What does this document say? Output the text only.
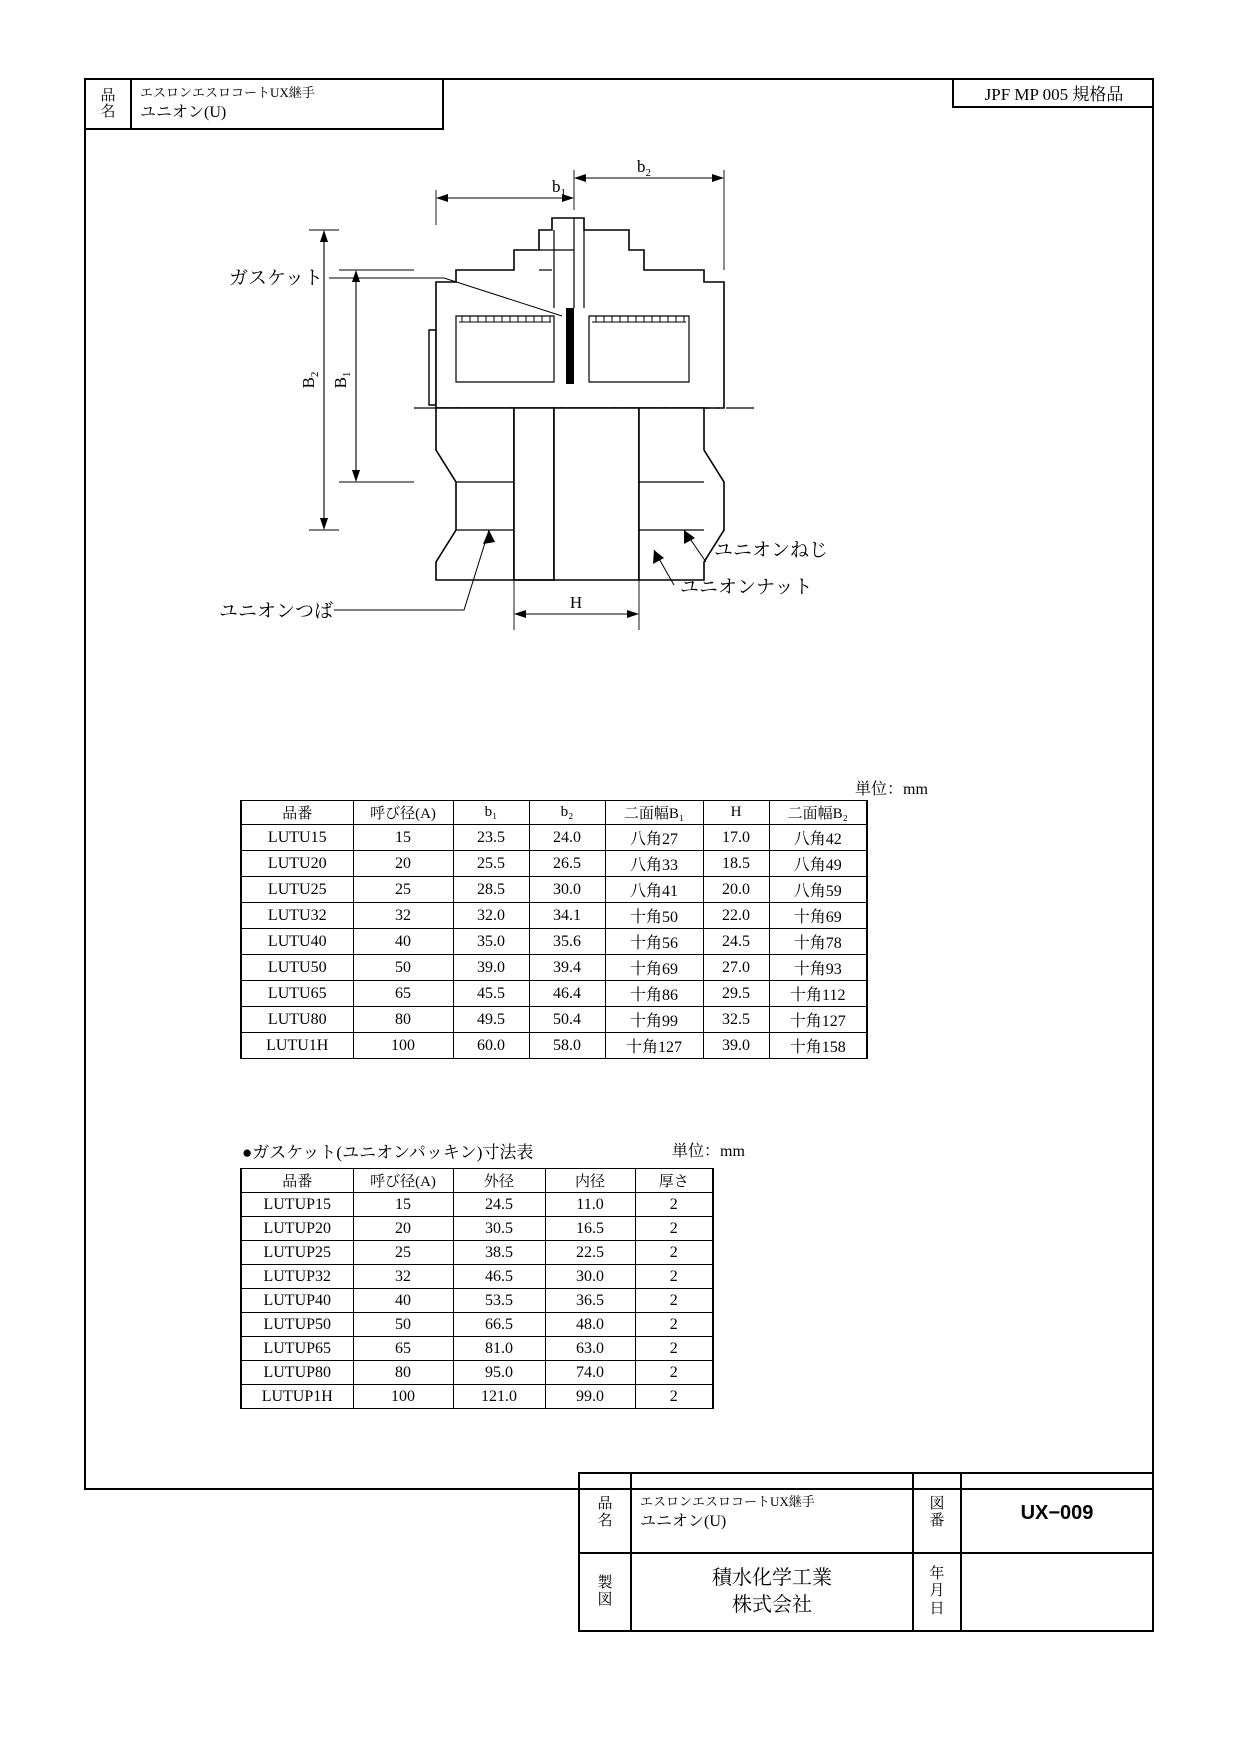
品
名
エスロンエスロコートUX継手
ユニオン(U)
JPF MP 005 規格品
$b_1$
$b_2$
$B_1$
$B_2$
H
ガスケット
ユニオンつば
ユニオンナット
ユニオンねじ
単位：mm
品番	呼び径(A)	b₁	b₂	二面幅B₁	H	二面幅B₂
LUTU15	15	23.5	24.0	八角27	17.0	八角42
LUTU20	20	25.5	26.5	八角33	18.5	八角49
LUTU25	25	28.5	30.0	八角41	20.0	八角59
LUTU32	32	32.0	34.1	十角50	22.0	十角69
LUTU40	40	35.0	35.6	十角56	24.5	十角78
LUTU50	50	39.0	39.4	十角69	27.0	十角93
LUTU65	65	45.5	46.4	十角86	29.5	十角112
LUTU80	80	49.5	50.4	十角99	32.5	十角127
LUTU1H	100	60.0	58.0	十角127	39.0	十角158
●ガスケット(ユニオンパッキン)寸法表	単位：mm
品番	呼び径(A)	外径	内径	厚さ
LUTUP15	15	24.5	11.0	2
LUTUP20	20	30.5	16.5	2
LUTUP25	25	38.5	22.5	2
LUTUP32	32	46.5	30.0	2
LUTUP40	40	53.5	36.5	2
LUTUP50	50	66.5	48.0	2
LUTUP65	65	81.0	63.0	2
LUTUP80	80	95.0	74.0	2
LUTUP1H	100	121.0	99.0	2
品
名
エスロンエスロコートUX継手
ユニオン(U)
図
番	UX−009
製
図
積水化学工業
株式会社
年
月
日
